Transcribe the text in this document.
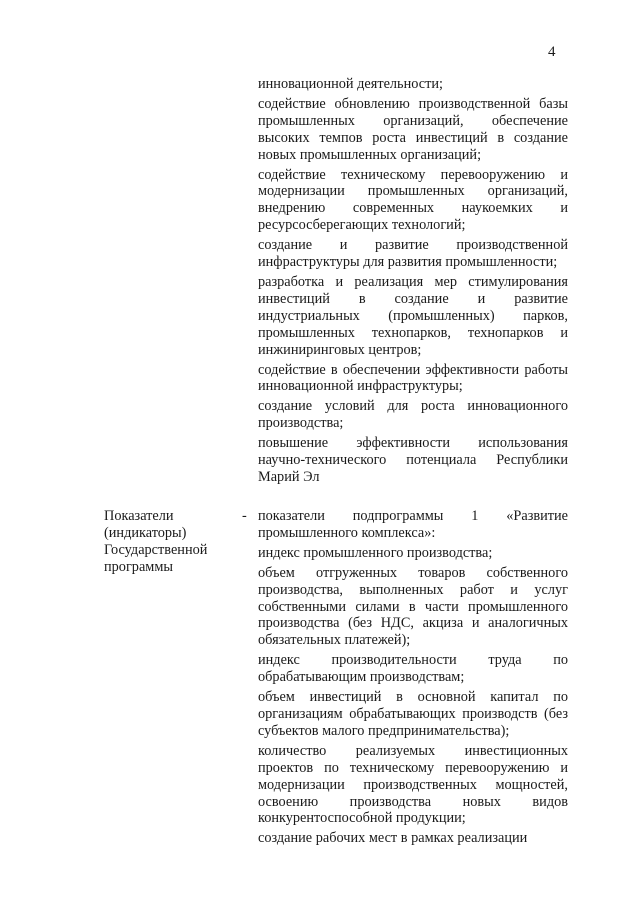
4

инновационной деятельности;

содействие обновлению производственной базы промышленных организаций, обеспечение высоких темпов роста инвестиций в создание новых промышленных организаций;

содействие техническому перевооружению и модернизации промышленных организаций, внедрению современных наукоемких и ресурсосберегающих технологий;

создание и развитие производственной инфраструктуры для развития промышленности;

разработка и реализация мер стимулирования инвестиций в создание и развитие индустриальных (промышленных) парков, промышленных технопарков, технопарков и инжиниринговых центров;

содействие в обеспечении эффективности работы инновационной инфраструктуры;

создание условий для роста инновационного производства;

повышение эффективности использования научно-технического потенциала Республики Марий Эл

Показатели (индикаторы) Государственной программы
- показатели подпрограммы 1 «Развитие промышленного комплекса»:

индекс промышленного производства;

объем отгруженных товаров собственного производства, выполненных работ и услуг собственными силами в части промышленного производства (без НДС, акциза и аналогичных обязательных платежей);

индекс производительности труда по обрабатывающим производствам;

объем инвестиций в основной капитал по организациям обрабатывающих производств (без субъектов малого предпринимательства);

количество реализуемых инвестиционных проектов по техническому перевооружению и модернизации производственных мощностей, освоению производства новых видов конкурентоспособной продукции;

создание рабочих мест в рамках реализации
